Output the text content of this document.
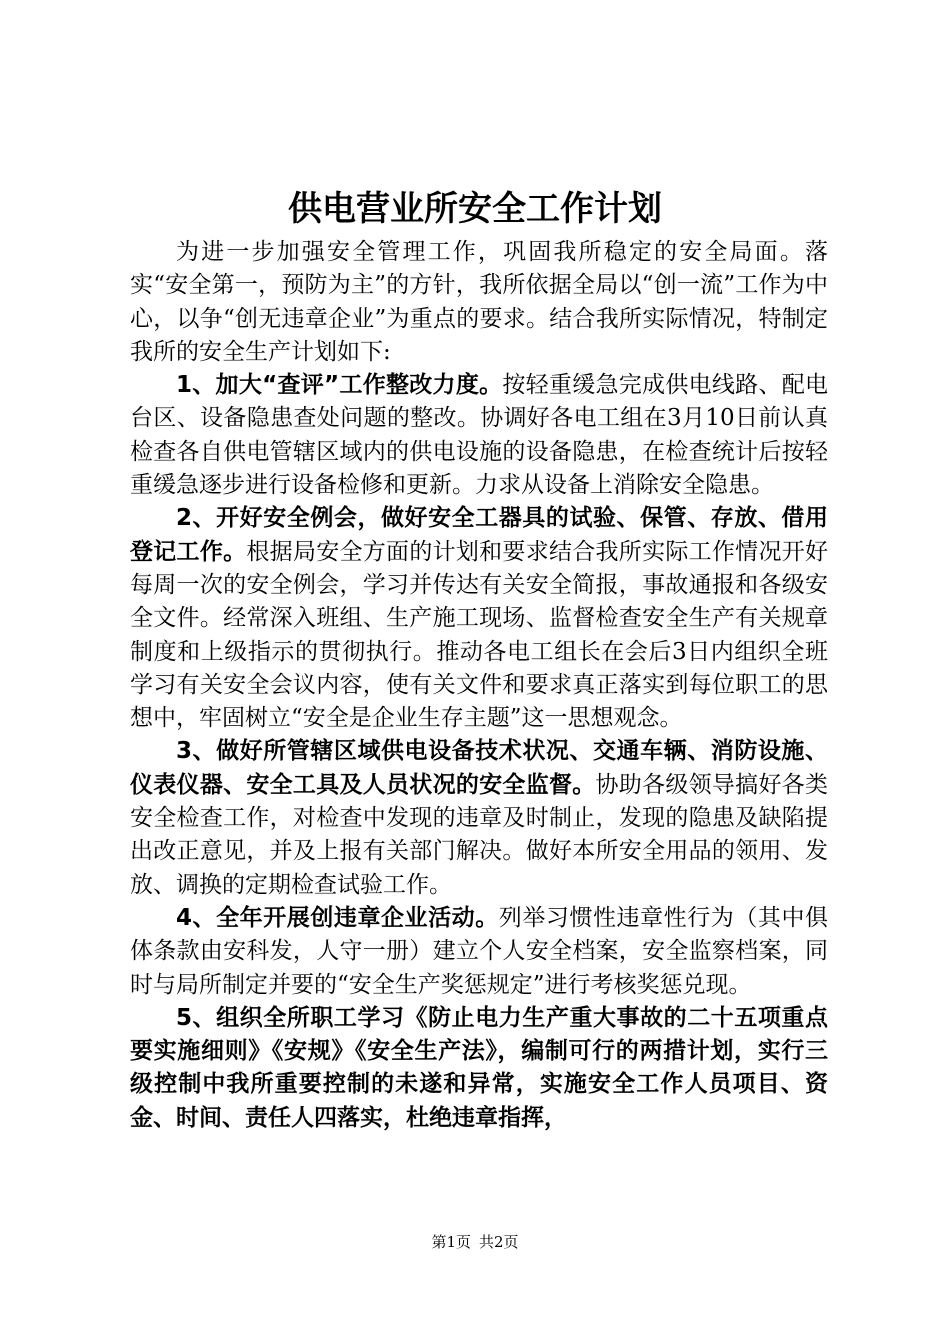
供电营业所安全工作计划

为进一步加强安全管理工作，巩固我所稳定的安全局面。落实“安全第一，预防为主”的方针，我所依据全局以“创一流”工作为中心，以争“创无违章企业”为重点的要求。结合我所实际情况，特制定我所的安全生产计划如下:

1、加大“查评”工作整改力度。按轻重缓急完成供电线路、配电台区、设备隐患查处问题的整改。协调好各电工组在3月10日前认真检查各自供电管辖区域内的供电设施的设备隐患，在检查统计后按轻重缓急逐步进行设备检修和更新。力求从设备上消除安全隐患。

2、开好安全例会，做好安全工器具的试验、保管、存放、借用登记工作。根据局安全方面的计划和要求结合我所实际工作情况开好每周一次的安全例会，学习并传达有关安全简报，事故通报和各级安全文件。经常深入班组、生产施工现场、监督检查安全生产有关规章制度和上级指示的贯彻执行。推动各电工组长在会后3日内组织全班学习有关安全会议内容，使有关文件和要求真正落实到每位职工的思想中，牢固树立“安全是企业生存主题”这一思想观念。

3、做好所管辖区域供电设备技术状况、交通车辆、消防设施、仪表仪器、安全工具及人员状况的安全监督。协助各级领导搞好各类安全检查工作，对检查中发现的违章及时制止，发现的隐患及缺陷提出改正意见，并及上报有关部门解决。做好本所安全用品的领用、发放、调换的定期检查试验工作。

4、全年开展创违章企业活动。列举习惯性违章性行为（其中俱体条款由安科发，人守一册）建立个人安全档案，安全监察档案，同时与局所制定并要的“安全生产奖惩规定”进行考核奖惩兑现。

5、组织全所职工学习《防止电力生产重大事故的二十五项重点要实施细则》《安规》《安全生产法》，编制可行的两措计划，实行三级控制中我所重要控制的未遂和异常，实施安全工作人员项目、资金、时间、责任人四落实，杜绝违章指挥，

第1页 共2页
